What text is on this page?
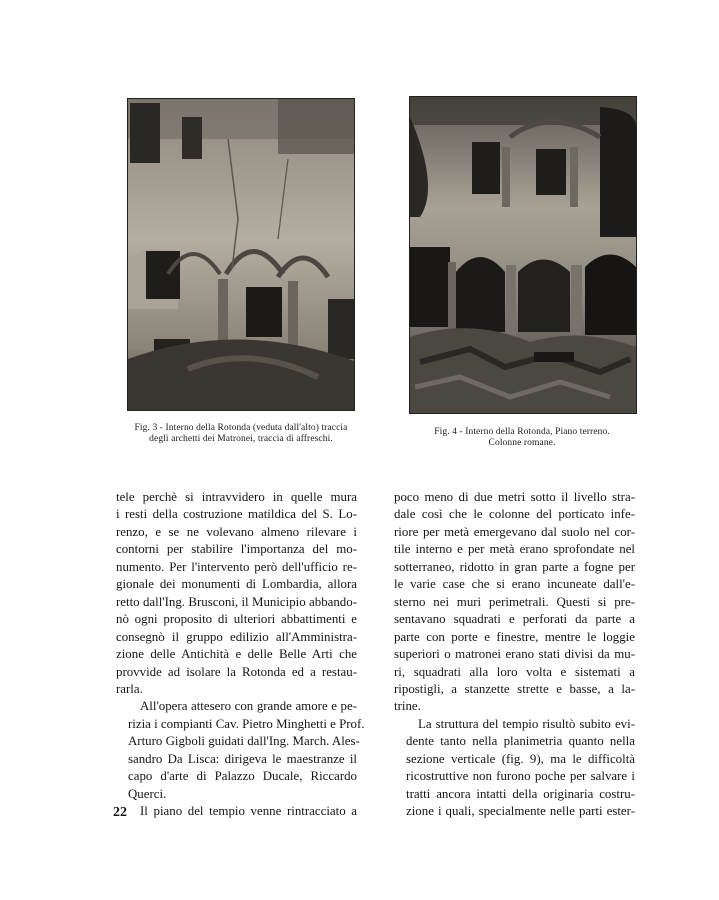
Fig. 3 - Interno della Rotonda (veduta dall'alto) traccia
degli archetti dei Matronei, traccia di affreschi.
Fig. 4 - Interno della Rotonda, Piano terreno.
Colonne romane.

tele perchè si intravvidero in quelle mura
i resti della costruzione matildica del S. Lo-
renzo, e se ne volevano almeno rilevare i
contorni per stabilire l'importanza del mo-
numento. Per l'intervento però dell'ufficio re-
gionale dei monumenti di Lombardia, allora
retto dall'Ing. Brusconi, il Municipio abbando-
nò ogni proposito di ulteriori abbattimenti e
consegnò il gruppo edilizio all'Amministra-
zione delle Antichità e delle Belle Arti che
provvide ad isolare la Rotonda ed a restau-
rarla.

All'opera attesero con grande amore e pe-
rizia i compianti Cav. Pietro Minghetti e Prof.
Arturo Gigboli guidati dall'Ing. March. Ales-
sandro Da Lisca: dirigeva le maestranze il
capo d'arte di Palazzo Ducale, Riccardo
Querci.

Il piano del tempio venne rintracciato a

poco meno di due metri sotto il livello stra-
dale così che le colonne del porticato infe-
riore per metà emergevano dal suolo nel cor-
tile interno e per metà erano sprofondate nel
sotterraneo, ridotto in gran parte a fogne per
le varie case che si erano incuneate dall'e-
sterno nei muri perimetrali. Questi si pre-
sentavano squadrati e perforati da parte a
parte con porte e finestre, mentre le loggie
superiori o matronei erano stati divisi da mu-
ri, squadrati alla loro volta e sistemati a
ripostigli, a stanzette strette e basse, a la-
trine.

La struttura del tempio risultò subito evi-
dente tanto nella planimetria quanto nella
sezione verticale (fig. 9), ma le difficoltà
ricostruttive non furono poche per salvare i
tratti ancora intatti della originaria costru-
zione i quali, specialmente nelle parti ester-

22
